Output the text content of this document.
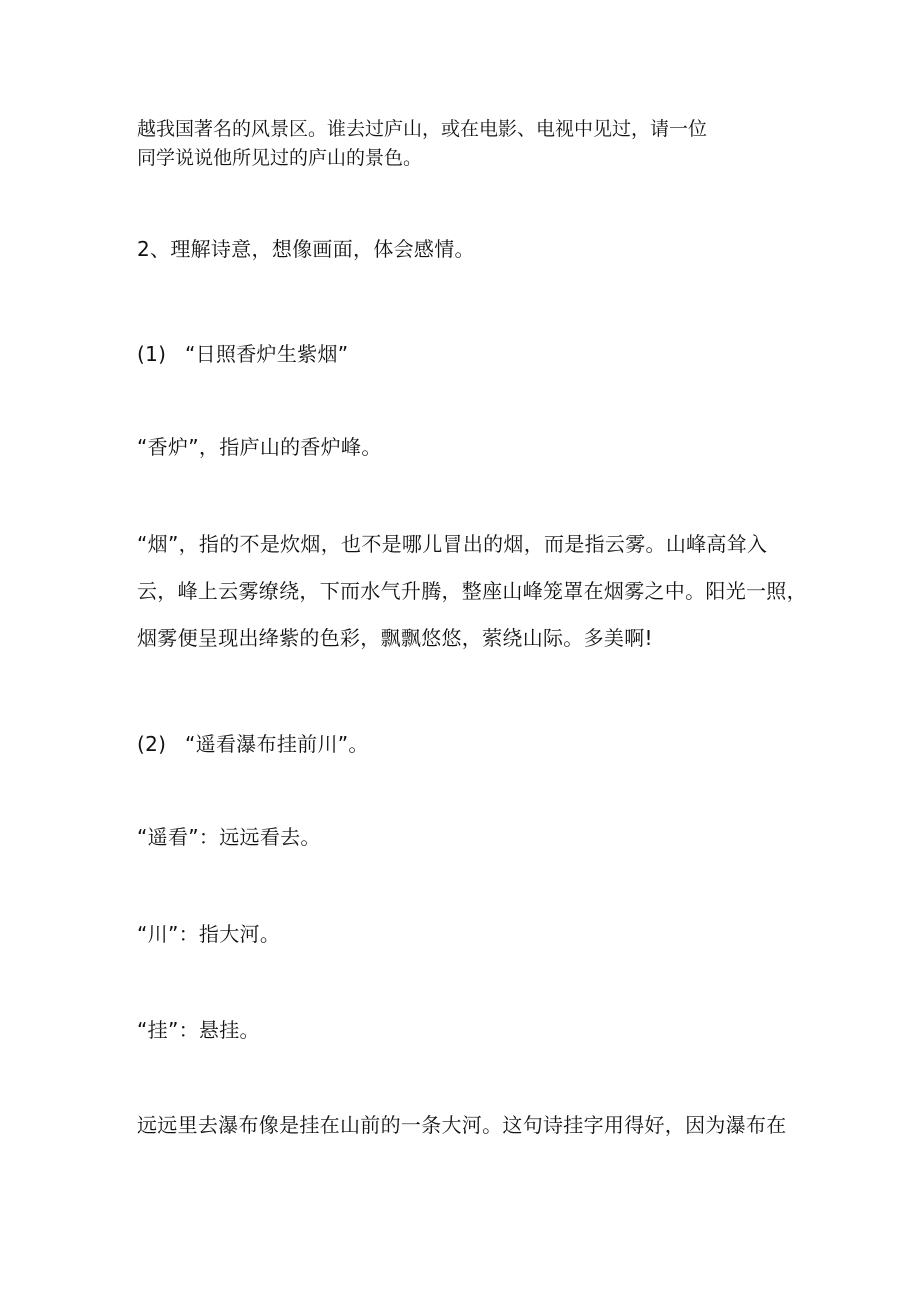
越我国著名的风景区。谁去过庐山，或在电影、电视中见过，请一位
同学说说他所见过的庐山的景色。
2、理解诗意，想像画面，体会感情。
(1) “日照香炉生紫烟”
“香炉”，指庐山的香炉峰。
“烟”，指的不是炊烟，也不是哪儿冒出的烟，而是指云雾。山峰高耸入
云，峰上云雾缭绕，下而水气升腾，整座山峰笼罩在烟雾之中。阳光一照，
烟雾便呈现出绛紫的色彩，飘飘悠悠，萦绕山际。多美啊!
(2) “遥看瀑布挂前川”。
“遥看”：远远看去。
“川”：指大河。
“挂”：悬挂。
远远里去瀑布像是挂在山前的一条大河。这句诗挂字用得好，因为瀑布在
